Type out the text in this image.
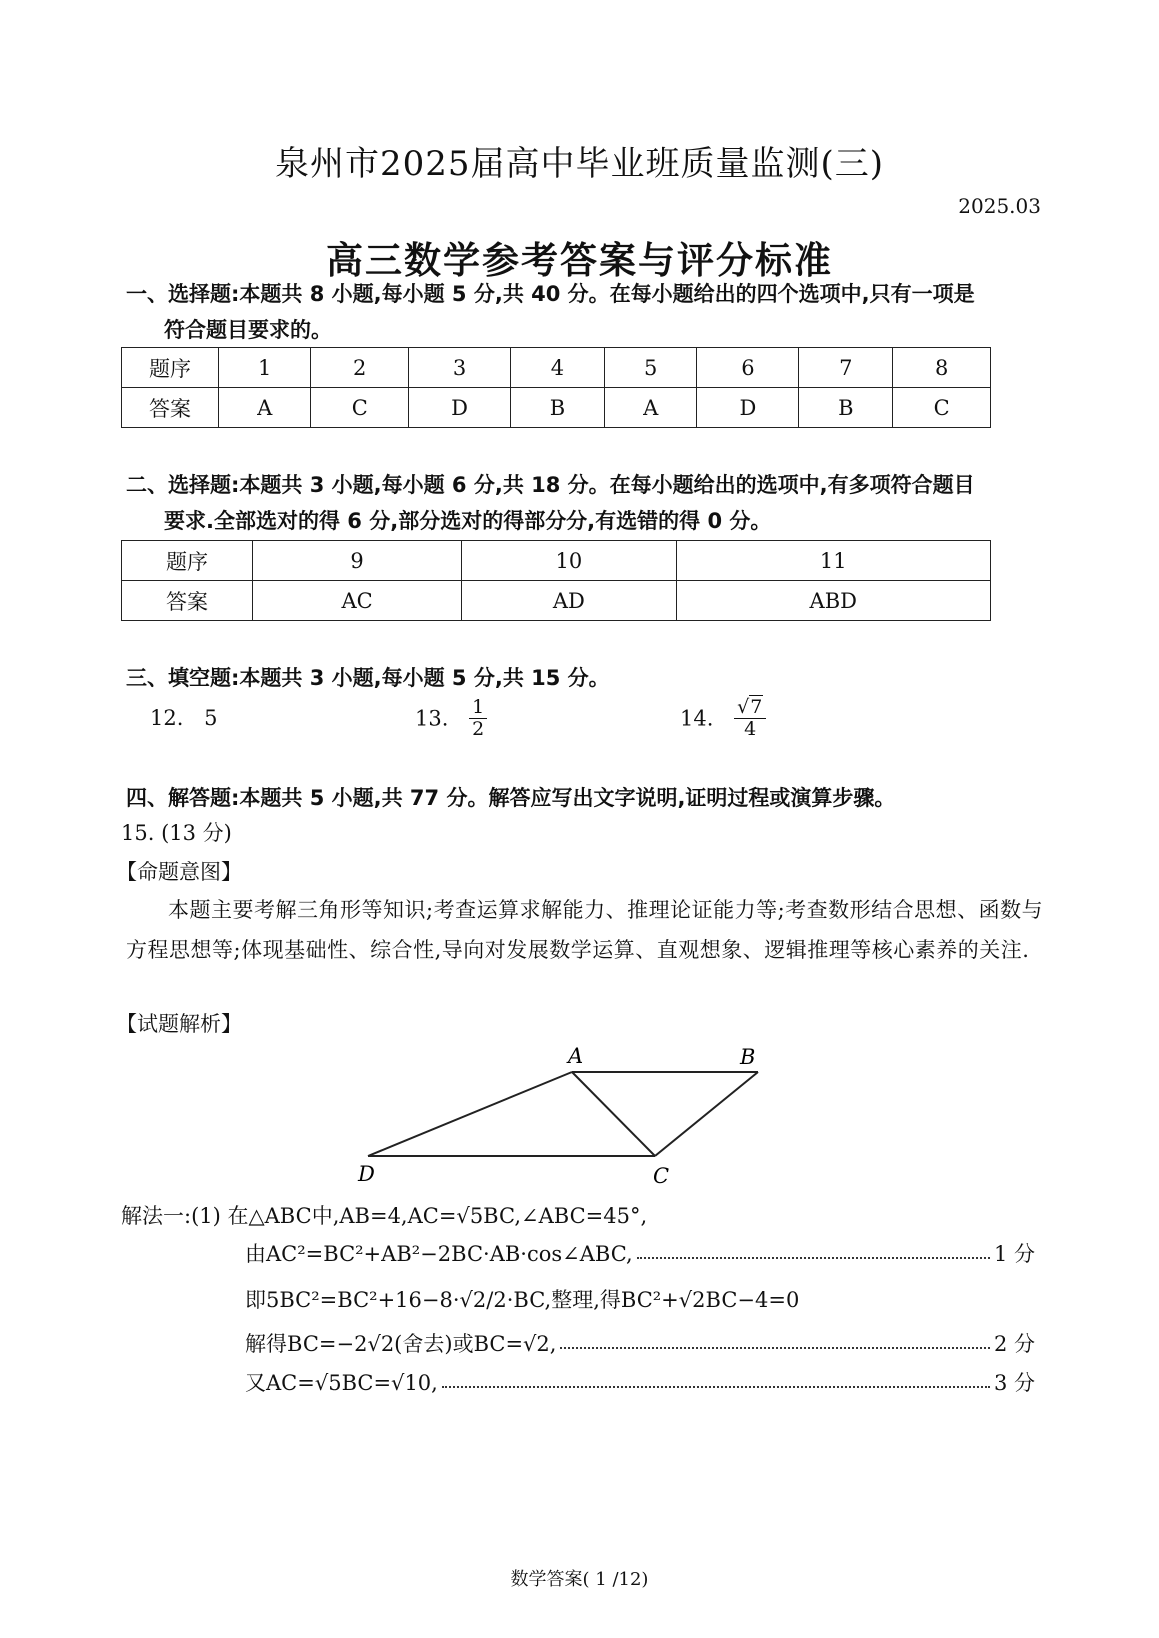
泉州市2025届高中毕业班质量监测(三)
2025.03
高三数学参考答案与评分标准
一、选择题:本题共 8 小题,每小题 5 分,共 40 分。在每小题给出的四个选项中,只有一项是
符合题目要求的。
题序	1	2	3	4	5	6	7	8
答案	A	C	D	B	A	D	B	C
二、选择题:本题共 3 小题,每小题 6 分,共 18 分。在每小题给出的选项中,有多项符合题目
要求.全部选对的得 6 分,部分选对的得部分分,有选错的得 0 分。
题序	9	10	11
答案	AC	AD	ABD
三、填空题:本题共 3 小题,每小题 5 分,共 15 分。
12. 5	13. $\frac{1}{2}$	14. $\frac{√7}{4}$
四、解答题:本题共 5 小题,共 77 分。解答应写出文字说明,证明过程或演算步骤。
15. (13 分)
【命题意图】
本题主要考解三角形等知识;考查运算求解能力、推理论证能力等;考查数形结合思想、函数与方程思想等;体现基础性、综合性,导向对发展数学运算、直观想象、逻辑推理等核心素养的关注.
【试题解析】
A	B
C
D
解法一:(1) 在△ABC中,AB=4,AC=√5BC,∠ABC=45°,
由AC²=BC²+AB²−2BC·AB·cos∠ABC,	1 分
即5BC²=BC²+16−8·√2/2·BC,整理,得BC²+√2BC−4=0
解得BC=−2√2(舍去)或BC=√2,	2 分
又AC=√5BC=√10,	3 分
数学答案( 1 /12)
